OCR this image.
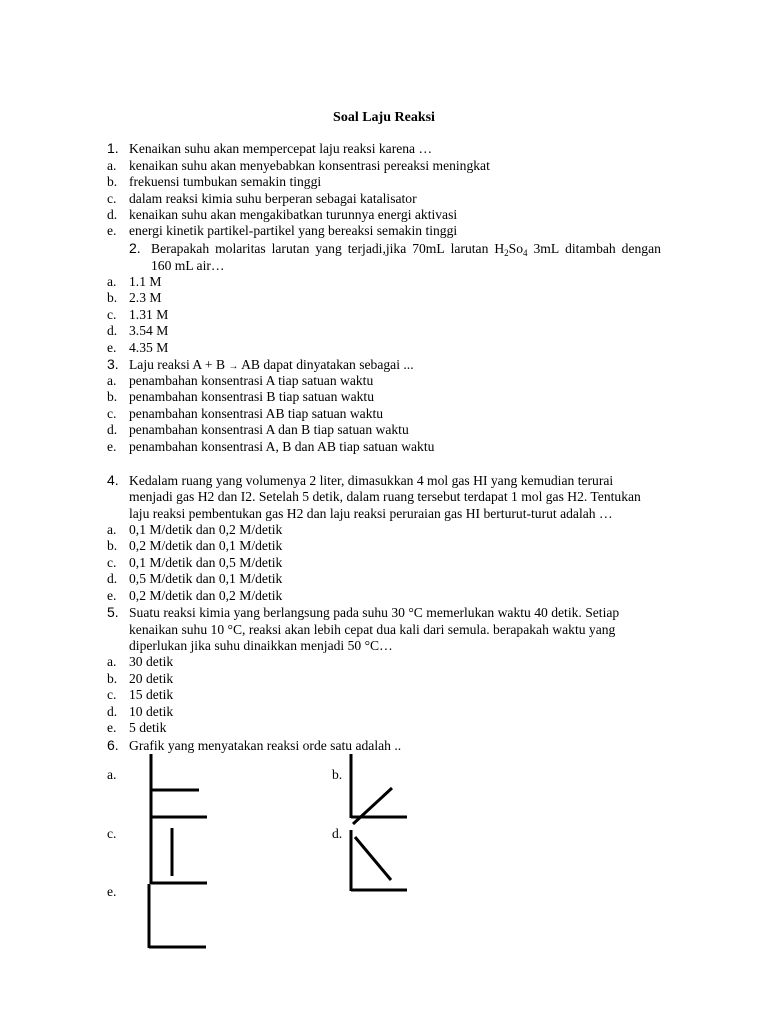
Soal Laju Reaksi
1. Kenaikan suhu akan mempercepat laju reaksi karena …
a. kenaikan suhu akan menyebabkan konsentrasi pereaksi meningkat
b. frekuensi tumbukan semakin tinggi
c. dalam reaksi kimia suhu berperan sebagai katalisator
d. kenaikan suhu akan mengakibatkan turunnya energi aktivasi
e. energi kinetik partikel-partikel yang bereaksi semakin tinggi
2. Berapakah molaritas larutan yang terjadi,jika 70mL larutan $H_2So_4$ 3mL ditambah dengan
160 mL air…
a. 1.1 M
b. 2.3 M
c. 1.31 M
d. 3.54 M
e. 4.35 M
3. Laju reaksi A + B → AB dapat dinyatakan sebagai ...
a. penambahan konsentrasi A tiap satuan waktu
b. penambahan konsentrasi B tiap satuan waktu
c. penambahan konsentrasi AB tiap satuan waktu
d. penambahan konsentrasi A dan B tiap satuan waktu
e. penambahan konsentrasi A, B dan AB tiap satuan waktu
4. Kedalam ruang yang volumenya 2 liter, dimasukkan 4 mol gas HI yang kemudian terurai
menjadi gas H2 dan I2. Setelah 5 detik, dalam ruang tersebut terdapat 1 mol gas H2. Tentukan
laju reaksi pembentukan gas H2 dan laju reaksi peruraian gas HI berturut-turut adalah …
a. 0,1 M/detik dan 0,2 M/detik
b. 0,2 M/detik dan 0,1 M/detik
c. 0,1 M/detik dan 0,5 M/detik
d. 0,5 M/detik dan 0,1 M/detik
e. 0,2 M/detik dan 0,2 M/detik
5. Suatu reaksi kimia yang berlangsung pada suhu 30 °C memerlukan waktu 40 detik. Setiap
kenaikan suhu 10 °C, reaksi akan lebih cepat dua kali dari semula. berapakah waktu yang
diperlukan jika suhu dinaikkan menjadi 50 °C…
a. 30 detik
b. 20 detik
c. 15 detik
d. 10 detik
e. 5 detik
6. Grafik yang menyatakan reaksi orde satu adalah ..
a.	b.
c.	d.
e.
